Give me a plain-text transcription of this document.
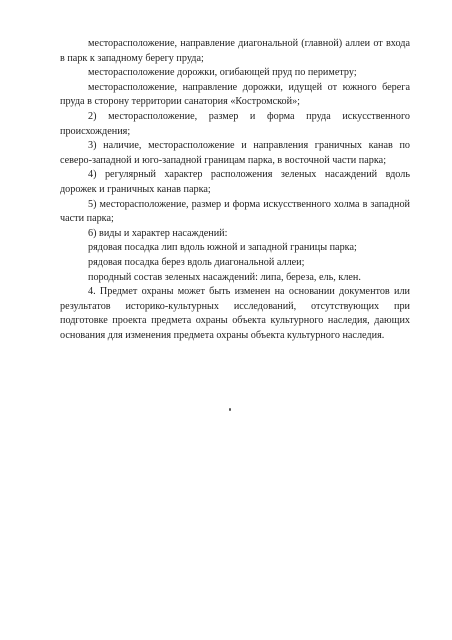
месторасположение, направление диагональной (главной) аллеи от входа в парк к западному берегу пруда;

месторасположение дорожки, огибающей пруд по периметру;

месторасположение, направление дорожки, идущей от южного берега пруда в сторону территории санатория «Костромской»;

2) месторасположение, размер и форма пруда искусственного происхождения;

3) наличие, месторасположение и направления граничных канав по северо-западной и юго-западной границам парка, в восточной части парка;

4) регулярный характер расположения зеленых насаждений вдоль дорожек и граничных канав парка;

5) месторасположение, размер и форма искусственного холма в западной части парка;

6) виды и характер насаждений:

рядовая посадка лип вдоль южной и западной границы парка;

рядовая посадка берез вдоль диагональной аллеи;

породный состав зеленых насаждений: липа, береза, ель, клен.

4. Предмет охраны может быть изменен на основании документов или результатов историко-культурных исследований, отсутствующих при подготовке проекта предмета охраны объекта культурного наследия, дающих основания для изменения предмета охраны объекта культурного наследия.
